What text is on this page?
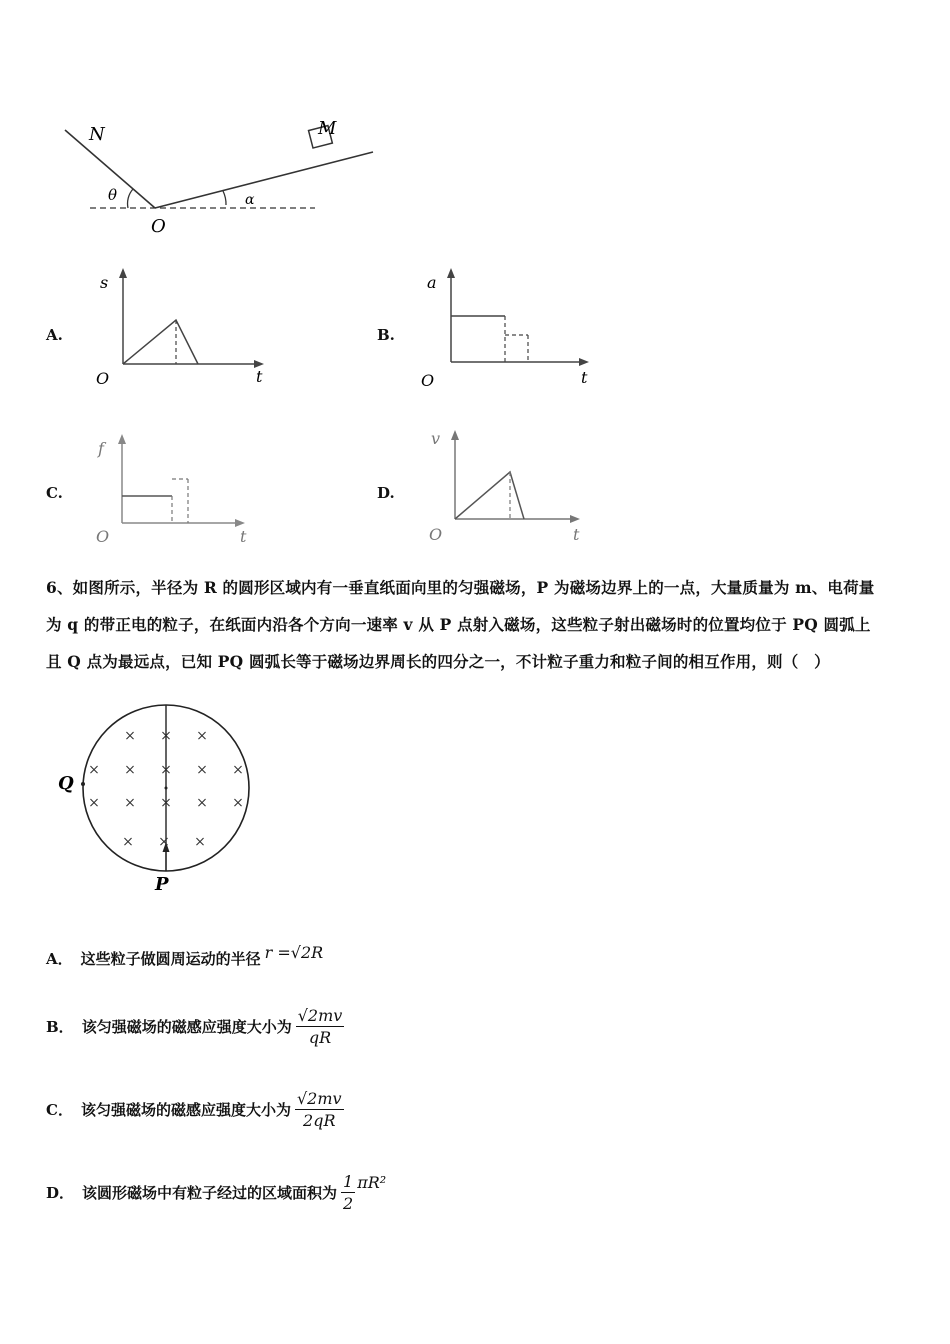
N	M
O
θ	α
A.
s
t
O
B.
a
t
O
C.
f
t
O
D.
v
t
O
6、如图所示，半径为 R 的圆形区域内有一垂直纸面向里的匀强磁场，P 为磁场边界上的一点，大量质量为 m、电荷量
为 q 的带正电的粒子，在纸面内沿各个方向一速率 v 从 P 点射入磁场，这些粒子射出磁场时的位置均位于 PQ 圆弧上
且 Q 点为最远点，已知 PQ 圆弧长等于磁场边界周长的四分之一，不计粒子重力和粒子间的相互作用，则（　）
× × ×
× × × × ×
× × × × ×
× × ×
Q
P
A． 这些粒子做圆周运动的半径 r =√2R
B． 该匀强磁场的磁感应强度大小为 $\frac{√2mv}{qR}$
C． 该匀强磁场的磁感应强度大小为 $\frac{√2mv}{2qR}$
D． 该圆形磁场中有粒子经过的区域面积为 $\frac{1}{2} \pi R^2$
